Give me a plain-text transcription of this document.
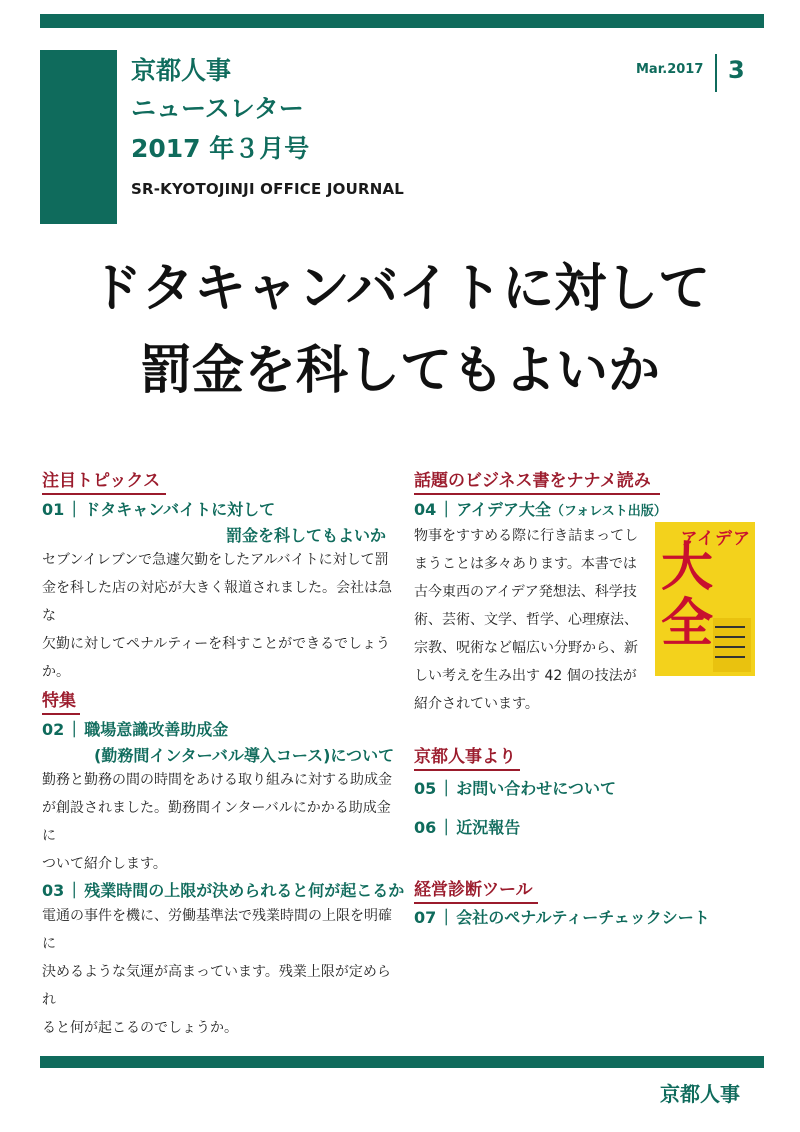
京都人事
ニュースレター
2017 年３月号
SR-KYOTOJINJI OFFICE JOURNAL
Mar.2017 3
ドタキャンバイトに対して
罰金を科してもよいか
注目トピックス
01 ｜ ドタキャンバイトに対して
罰金を科してもよいか
セブンイレブンで急遽欠勤をしたアルバイトに対して罰
金を科した店の対応が大きく報道されました。会社は急な
欠勤に対してペナルティーを科すことができるでしょう
か。
特集
02 ｜ 職場意識改善助成金
(勤務間インターバル導入コース)について
勤務と勤務の間の時間をあける取り組みに対する助成金
が創設されました。勤務間インターバルにかかる助成金に
ついて紹介します。
03 ｜ 残業時間の上限が決められると何が起こるか
電通の事件を機に、労働基準法で残業時間の上限を明確に
決めるような気運が高まっています。残業上限が定められ
ると何が起こるのでしょうか。
話題のビジネス書をナナメ読み
04 ｜ アイデア大全（フォレスト出版）
物事をすすめる際に行き詰まってし
まうことは多々あります。本書では
古今東西のアイデア発想法、科学技
術、芸術、文学、哲学、心理療法、
宗教、呪術など幅広い分野から、新
しい考えを生み出す 42 個の技法が
紹介されています。
アイデア
大全
京都人事より
05 ｜ お問い合わせについて
06 ｜ 近況報告
経営診断ツール
07 ｜ 会社のペナルティーチェックシート
京都人事
